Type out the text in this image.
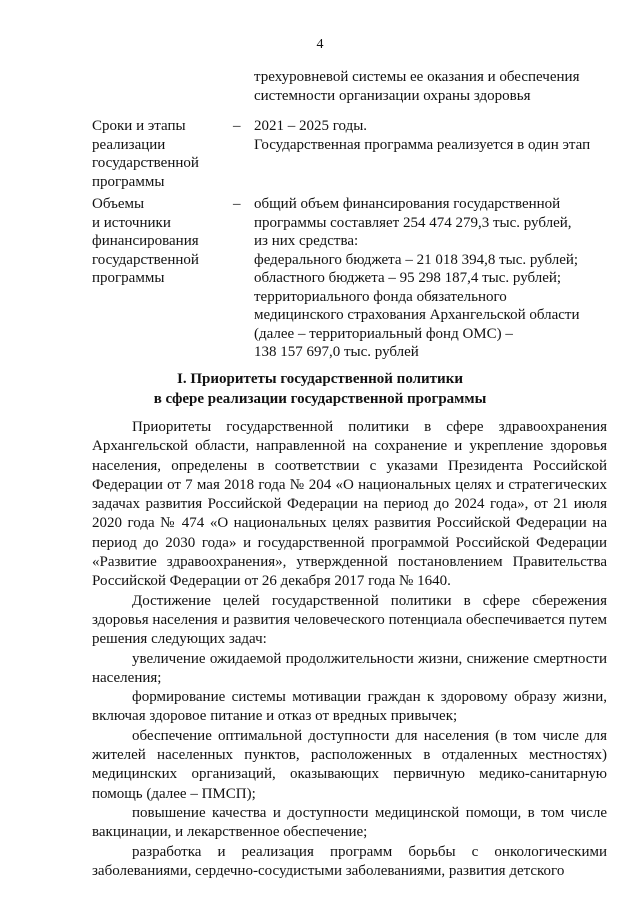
4
трехуровневой системы ее оказания и обеспечения
системности организации охраны здоровья
Сроки и этапы
реализации
государственной
программы
– 2021 – 2025 годы.
Государственная программа реализуется в один этап
Объемы
и источники
финансирования
государственной
программы
– общий объем финансирования государственной
программы составляет 254 474 279,3 тыс. рублей,
из них средства:
федерального бюджета – 21 018 394,8 тыс. рублей;
областного бюджета – 95 298 187,4 тыс. рублей;
территориального фонда обязательного
медицинского страхования Архангельской области
(далее – территориальный фонд ОМС) –
138 157 697,0 тыс. рублей
I. Приоритеты государственной политики
в сфере реализации государственной программы

Приоритеты государственной политики в сфере здравоохранения Архангельской области, направленной на сохранение и укрепление здоровья населения, определены в соответствии с указами Президента Российской Федерации от 7 мая 2018 года № 204 «О национальных целях и стратегических задачах развития Российской Федерации на период до 2024 года», от 21 июля 2020 года № 474 «О национальных целях развития Российской Федерации на период до 2030 года» и государственной программой Российской Федерации «Развитие здравоохранения», утвержденной постановлением Правительства Российской Федерации от 26 декабря 2017 года № 1640.

Достижение целей государственной политики в сфере сбережения здоровья населения и развития человеческого потенциала обеспечивается путем решения следующих задач:

увеличение ожидаемой продолжительности жизни, снижение смертности населения;

формирование системы мотивации граждан к здоровому образу жизни, включая здоровое питание и отказ от вредных привычек;

обеспечение оптимальной доступности для населения (в том числе для жителей населенных пунктов, расположенных в отдаленных местностях) медицинских организаций, оказывающих первичную медико-санитарную помощь (далее – ПМСП);

повышение качества и доступности медицинской помощи, в том числе вакцинации, и лекарственное обеспечение;

разработка и реализация программ борьбы с онкологическими заболеваниями, сердечно-сосудистыми заболеваниями, развития детского
